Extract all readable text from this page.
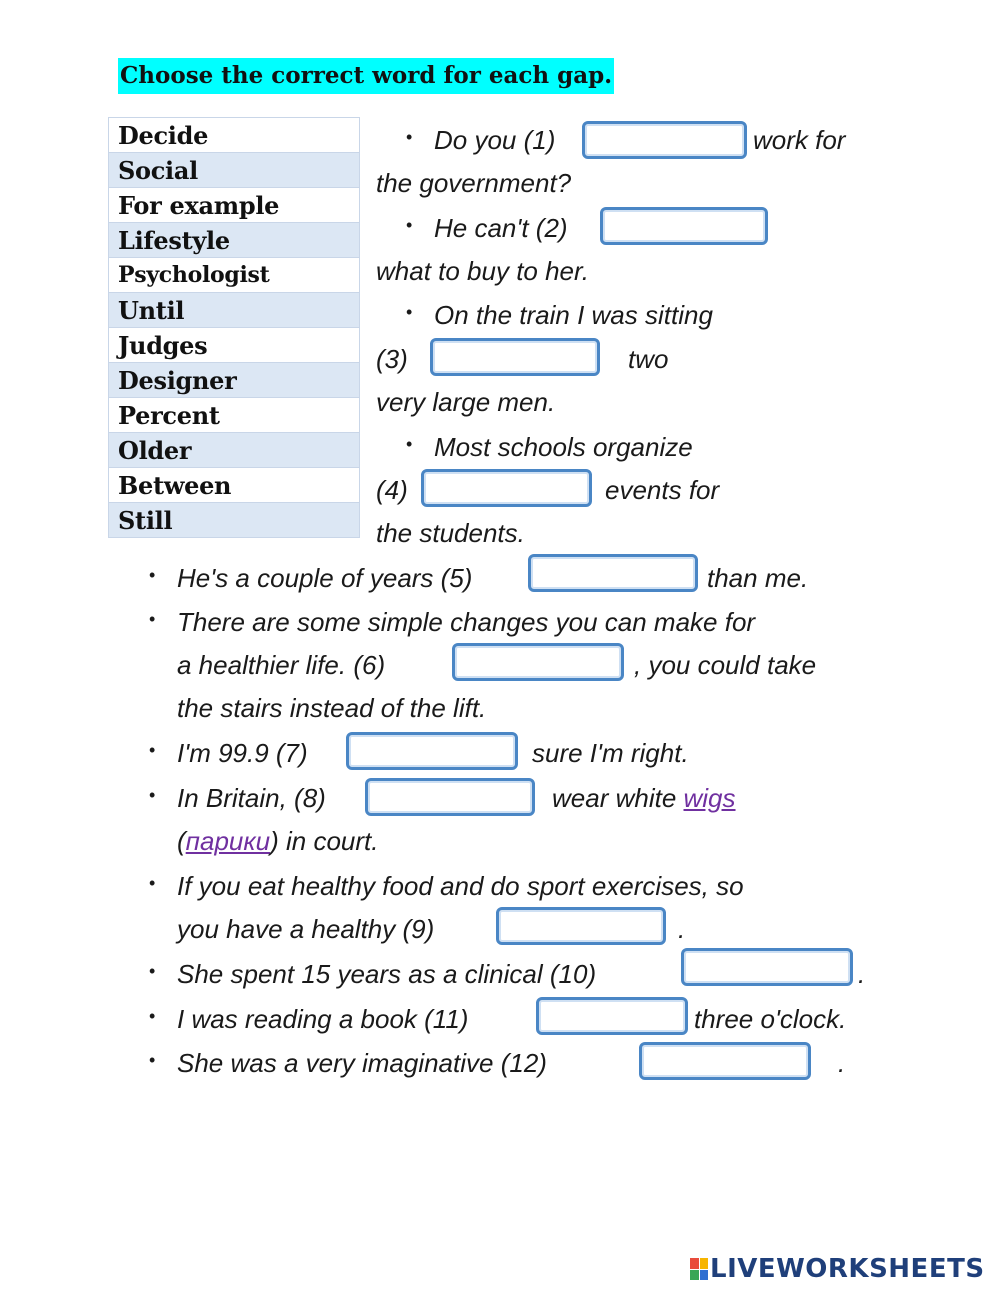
Choose the correct word for each gap.
Decide
Social
For example
Lifestyle
Psychologist
Until
Judges
Designer
Percent
Older
Between
Still
• Do you (1)	work for
the government?
• He can't (2)
what to buy to her.
• On the train I was sitting
(3)	two
very large men.
• Most schools organize
(4)	events for
the students.
• He's a couple of years (5)	than me.
• There are some simple changes you can make for
a healthier life. (6)	, you could take
the stairs instead of the lift.
• I'm 99.9 (7)	sure I'm right.
• In Britain, (8)	wear white wigs
(парики) in court.
• If you eat healthy food and do sport exercises, so
you have a healthy (9)	.
• She spent 15 years as a clinical (10)	.
• I was reading a book (11)	three o'clock.
• She was a very imaginative (12)	.
LIVEWORKSHEETS
